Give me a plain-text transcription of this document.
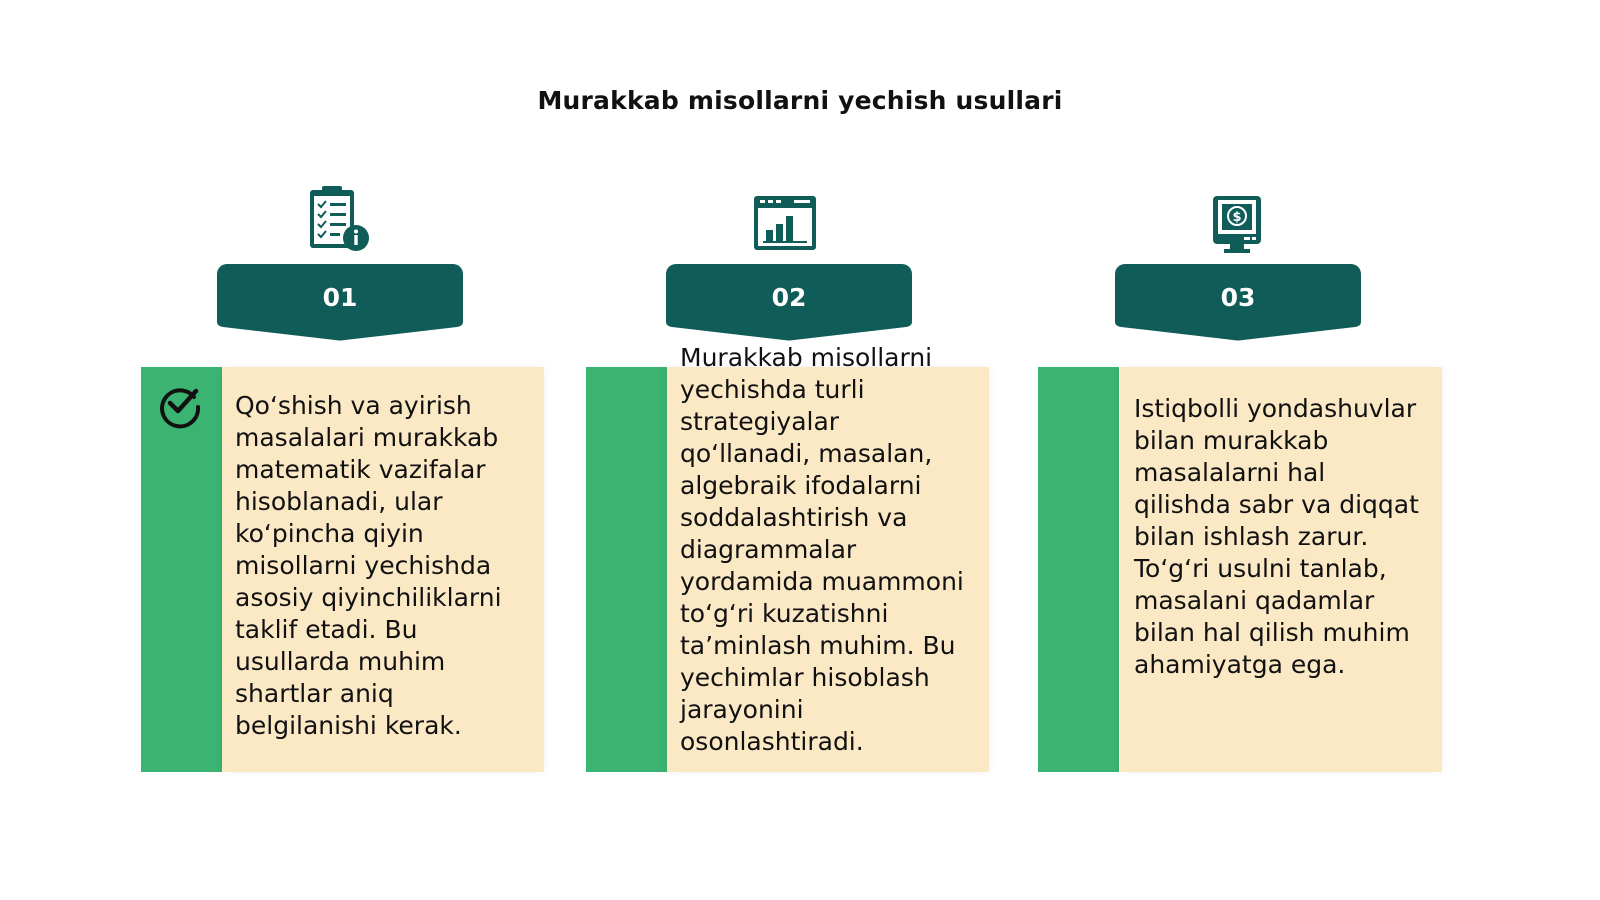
Murakkab misollarni yechish usullari
01
Qo‘shish va ayirish masalalari murakkab matematik vazifalar hisoblanadi, ular ko‘pincha qiyin misollarni yechishda asosiy qiyinchiliklarni taklif etadi. Bu usullarda muhim shartlar aniq belgilanishi kerak.
02
Murakkab misollarni yechishda turli strategiyalar qo‘llanadi, masalan, algebraik ifodalarni soddalashtirish va diagrammalar yordamida muammoni to‘g‘ri kuzatishni ta’minlash muhim. Bu yechimlar hisoblash jarayonini osonlashtiradi.
$
03
Istiqbolli yondashuvlar bilan murakkab masalalarni hal qilishda sabr va diqqat bilan ishlash zarur. To‘g‘ri usulni tanlab, masalani qadamlar bilan hal qilish muhim ahamiyatga ega.
